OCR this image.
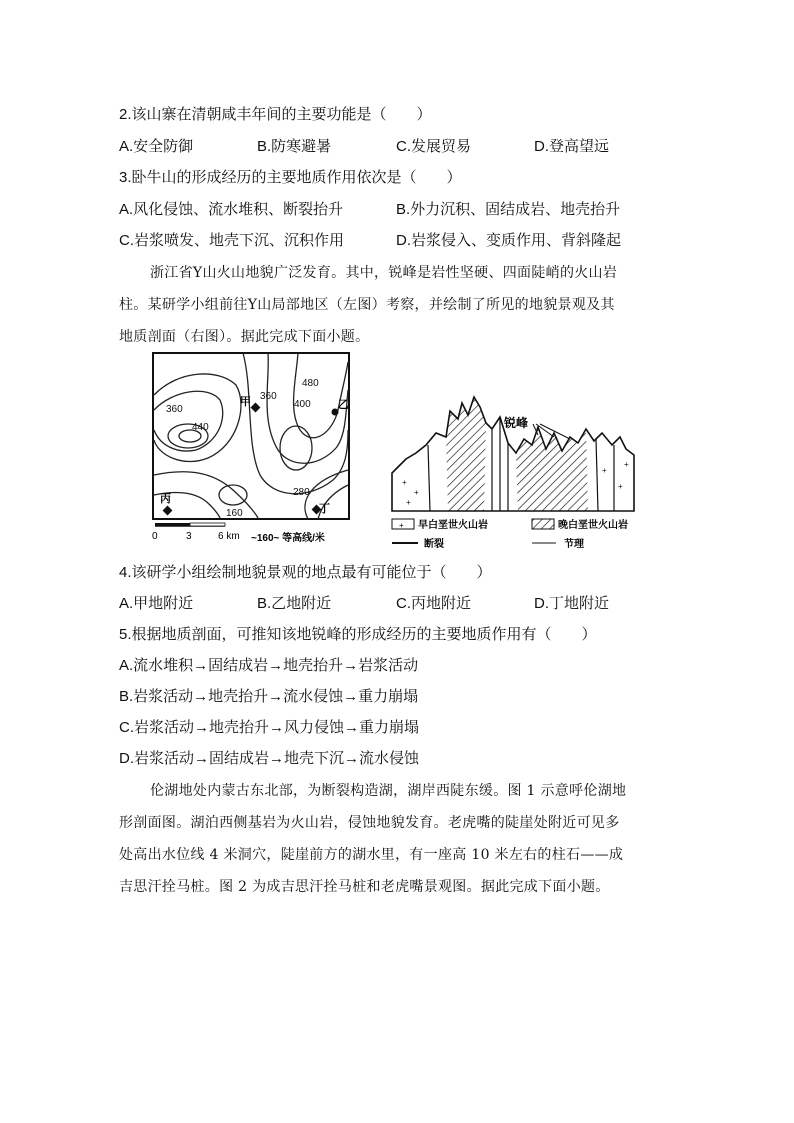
2.该山寨在清朝咸丰年间的主要功能是（　　）
A.安全防御	B.防寒避暑	C.发展贸易	D.登高望远
3.卧牛山的形成经历的主要地质作用依次是（　　）
A.风化侵蚀、流水堆积、断裂抬升	B.外力沉积、固结成岩、地壳抬升
C.岩浆喷发、地壳下沉、沉积作用	D.岩浆侵入、变质作用、背斜隆起
浙江省Y山火山地貌广泛发育。其中，锐峰是岩性坚硬、四面陡峭的火山岩
柱。某研学小组前往Y山局部地区（左图）考察，并绘制了所见的地貌景观及其
地质剖面（右图）。据此完成下面小题。
360
440
360
480
400
280
160
甲	乙
丙
丁
0	3	6 km ~160~ 等高线/米
+
+
+
+
+
+
锐峰
+ 早白垩世火山岩	晚白垩世火山岩
断裂	节理
4.该研学小组绘制地貌景观的地点最有可能位于（　　）
A.甲地附近	B.乙地附近	C.丙地附近	D.丁地附近
5.根据地质剖面，可推知该地锐峰的形成经历的主要地质作用有（　　）
A.流水堆积→固结成岩→地壳抬升→岩浆活动
B.岩浆活动→地壳抬升→流水侵蚀→重力崩塌
C.岩浆活动→地壳抬升→风力侵蚀→重力崩塌
D.岩浆活动→固结成岩→地壳下沉→流水侵蚀
伦湖地处内蒙古东北部，为断裂构造湖，湖岸西陡东缓。图 1 示意呼伦湖地
形剖面图。湖泊西侧基岩为火山岩，侵蚀地貌发育。老虎嘴的陡崖处附近可见多
处高出水位线 4 米洞穴，陡崖前方的湖水里，有一座高 10 米左右的柱石——成
吉思汗拴马桩。图 2 为成吉思汗拴马桩和老虎嘴景观图。据此完成下面小题。
